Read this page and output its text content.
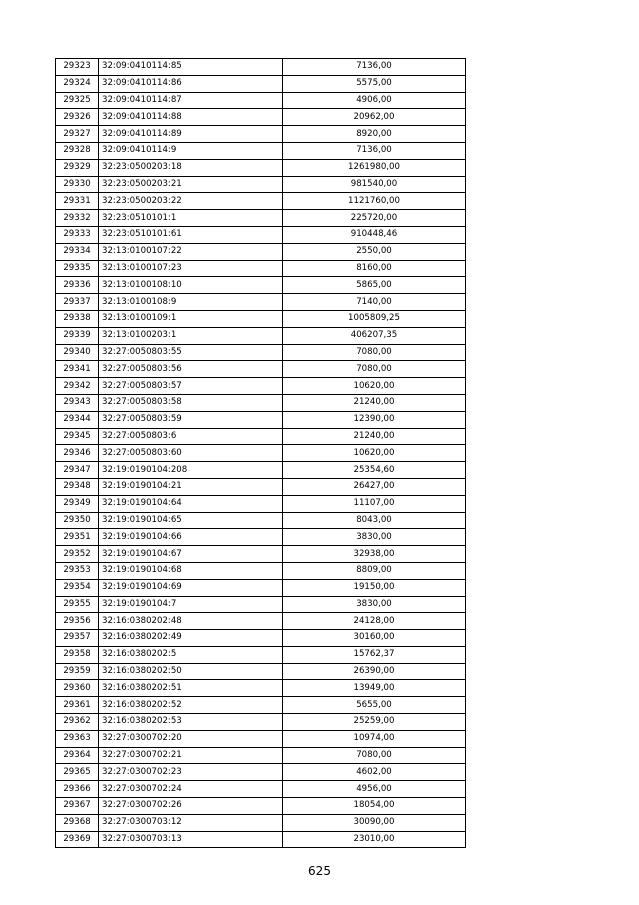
29323	32:09:0410114:85	7136,00
29324	32:09:0410114:86	5575,00
29325	32:09:0410114:87	4906,00
29326	32:09:0410114:88	20962,00
29327	32:09:0410114:89	8920,00
29328	32:09:0410114:9	7136,00
29329	32:23:0500203:18	1261980,00
29330	32:23:0500203:21	981540,00
29331	32:23:0500203:22	1121760,00
29332	32:23:0510101:1	225720,00
29333	32:23:0510101:61	910448,46
29334	32:13:0100107:22	2550,00
29335	32:13:0100107:23	8160,00
29336	32:13:0100108:10	5865,00
29337	32:13:0100108:9	7140,00
29338	32:13:0100109:1	1005809,25
29339	32:13:0100203:1	406207,35
29340	32:27:0050803:55	7080,00
29341	32:27:0050803:56	7080,00
29342	32:27:0050803:57	10620,00
29343	32:27:0050803:58	21240,00
29344	32:27:0050803:59	12390,00
29345	32:27:0050803:6	21240,00
29346	32:27:0050803:60	10620,00
29347	32:19:0190104:208	25354,60
29348	32:19:0190104:21	26427,00
29349	32:19:0190104:64	11107,00
29350	32:19:0190104:65	8043,00
29351	32:19:0190104:66	3830,00
29352	32:19:0190104:67	32938,00
29353	32:19:0190104:68	8809,00
29354	32:19:0190104:69	19150,00
29355	32:19:0190104:7	3830,00
29356	32:16:0380202:48	24128,00
29357	32:16:0380202:49	30160,00
29358	32:16:0380202:5	15762,37
29359	32:16:0380202:50	26390,00
29360	32:16:0380202:51	13949,00
29361	32:16:0380202:52	5655,00
29362	32:16:0380202:53	25259,00
29363	32:27:0300702:20	10974,00
29364	32:27:0300702:21	7080,00
29365	32:27:0300702:23	4602,00
29366	32:27:0300702:24	4956,00
29367	32:27:0300702:26	18054,00
29368	32:27:0300703:12	30090,00
29369	32:27:0300703:13	23010,00
625
